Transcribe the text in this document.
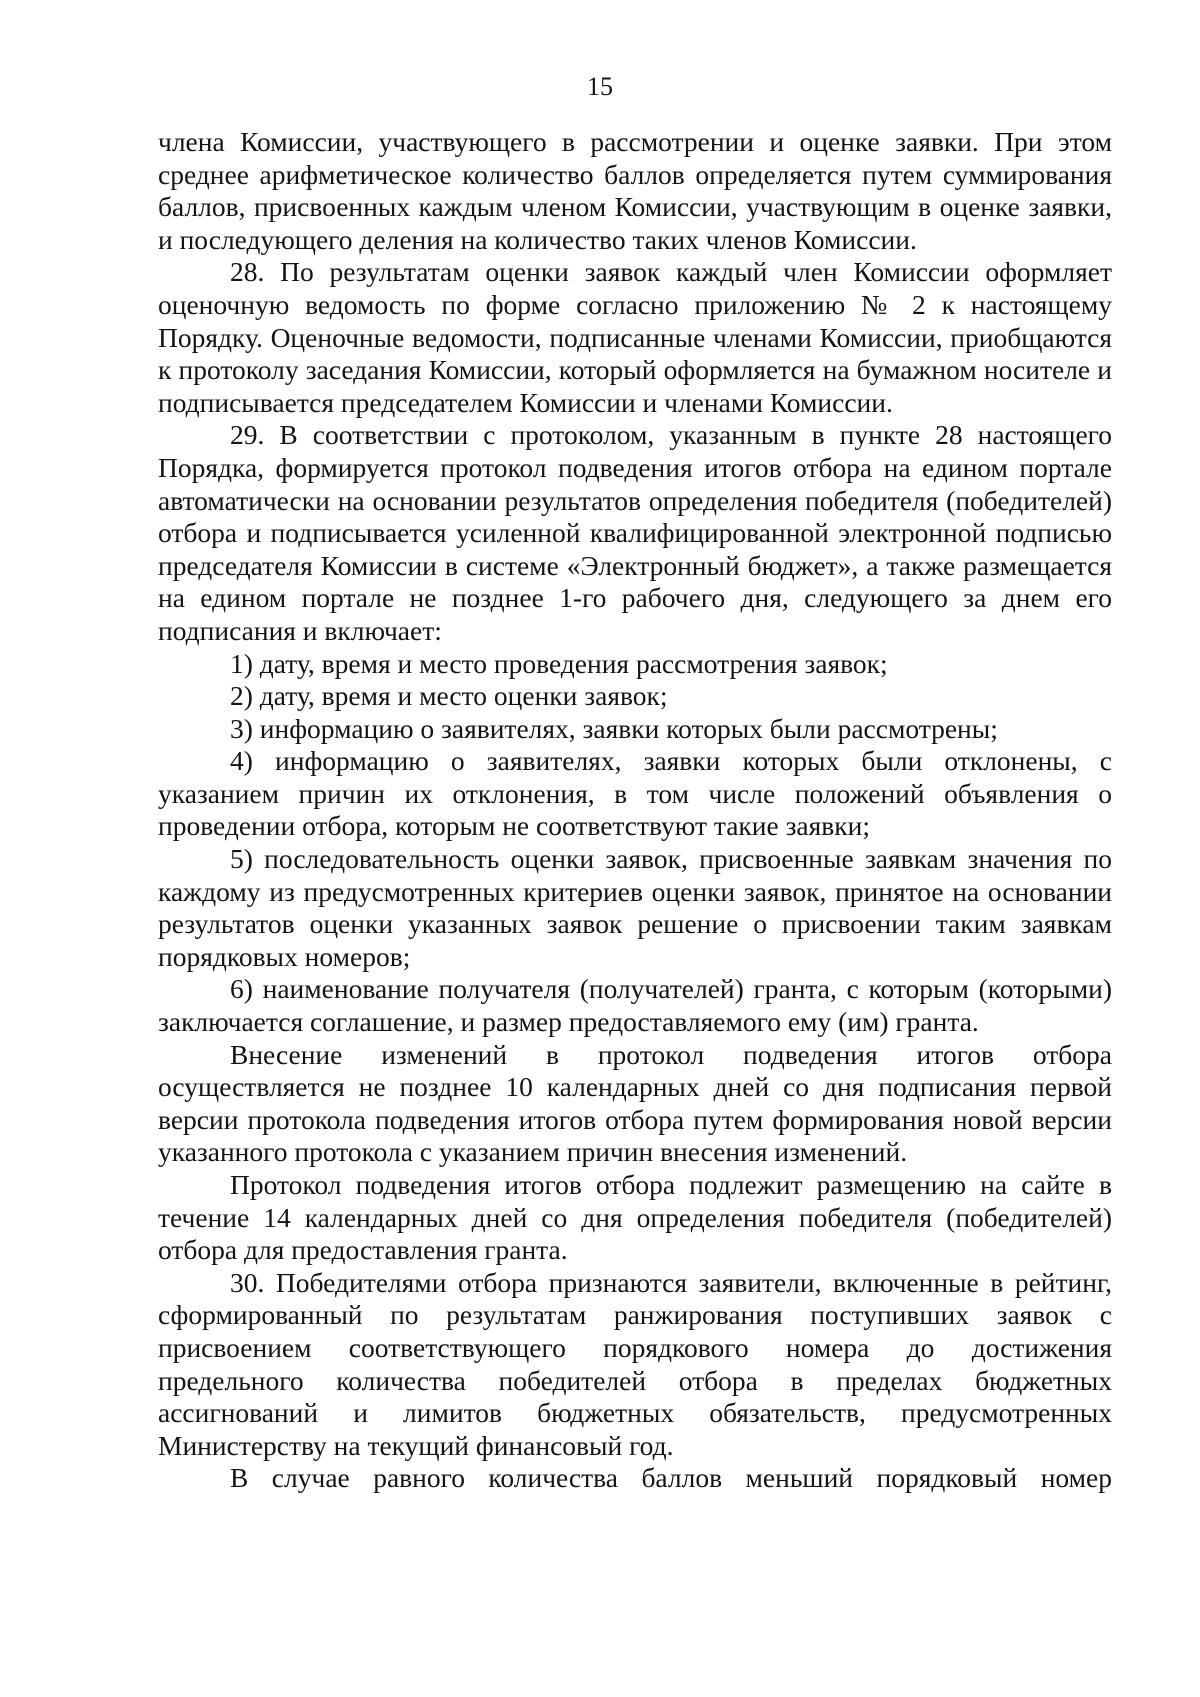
15

члена Комиссии, участвующего в рассмотрении и оценке заявки. При этом среднее арифметическое количество баллов определяется путем суммирования баллов, присвоенных каждым членом Комиссии, участвующим в оценке заявки, и последующего деления на количество таких членов Комиссии.

28. По результатам оценки заявок каждый член Комиссии оформляет оценочную ведомость по форме согласно приложению № 2 к настоящему Порядку. Оценочные ведомости, подписанные членами Комиссии, приобщаются к протоколу заседания Комиссии, который оформляется на бумажном носителе и подписывается председателем Комиссии и членами Комиссии.

29. В соответствии с протоколом, указанным в пункте 28 настоящего Порядка, формируется протокол подведения итогов отбора на едином портале автоматически на основании результатов определения победителя (победителей) отбора и подписывается усиленной квалифицированной электронной подписью председателя Комиссии в системе «Электронный бюджет», а также размещается на едином портале не позднее 1-го рабочего дня, следующего за днем его подписания и включает:

1) дату, время и место проведения рассмотрения заявок;

2) дату, время и место оценки заявок;

3) информацию о заявителях, заявки которых были рассмотрены;

4) информацию о заявителях, заявки которых были отклонены, с указанием причин их отклонения, в том числе положений объявления о проведении отбора, которым не соответствуют такие заявки;

5) последовательность оценки заявок, присвоенные заявкам значения по каждому из предусмотренных критериев оценки заявок, принятое на основании результатов оценки указанных заявок решение о присвоении таким заявкам порядковых номеров;

6) наименование получателя (получателей) гранта, с которым (которыми) заключается соглашение, и размер предоставляемого ему (им) гранта.

Внесение изменений в протокол подведения итогов отбора осуществляется не позднее 10 календарных дней со дня подписания первой версии протокола подведения итогов отбора путем формирования новой версии указанного протокола с указанием причин внесения изменений.

Протокол подведения итогов отбора подлежит размещению на сайте в течение 14 календарных дней со дня определения победителя (победителей) отбора для предоставления гранта.

30. Победителями отбора признаются заявители, включенные в рейтинг, сформированный по результатам ранжирования поступивших заявок с присвоением соответствующего порядкового номера до достижения предельного количества победителей отбора в пределах бюджетных ассигнований и лимитов бюджетных обязательств, предусмотренных Министерству на текущий финансовый год.

В случае равного количества баллов меньший порядковый номер
